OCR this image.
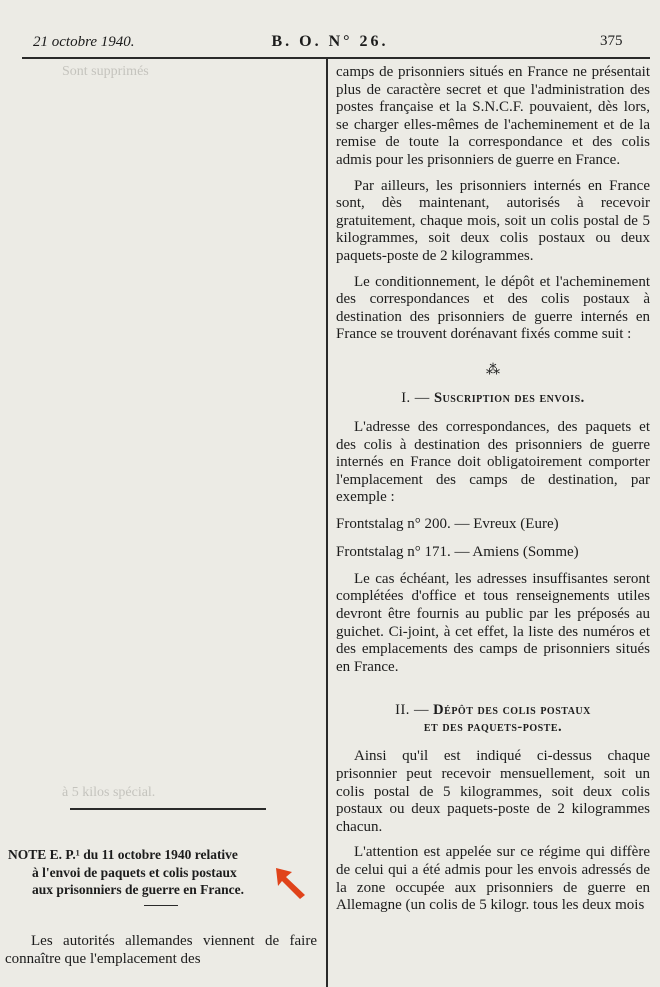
21 octobre 1940.	B. O. N° 26.	375
Sont supprimés
à 5 kilos spécial.
NOTE E. P.¹ du 11 octobre 1940 relative
à l'envoi de paquets et colis postaux
aux prisonniers de guerre en France.
Les autorités allemandes viennent de faire connaître que l'emplacement des

camps de prisonniers situés en France ne présentait plus de caractère secret et que l'administration des postes française et la S.N.C.F. pouvaient, dès lors, se charger elles-mêmes de l'acheminement et de la remise de toute la correspondance et des colis admis pour les prisonniers de guerre en France.

Par ailleurs, les prisonniers internés en France sont, dès maintenant, autorisés à recevoir gratuitement, chaque mois, soit un colis postal de 5 kilogrammes, soit deux colis postaux ou deux paquets-poste de 2 kilogrammes.

Le conditionnement, le dépôt et l'acheminement des correspondances et des colis postaux à destination des prisonniers de guerre internés en France se trouvent dorénavant fixés comme suit :

⁂
I. — Suscription des envois.

L'adresse des correspondances, des paquets et des colis à destination des prisonniers de guerre internés en France doit obligatoirement comporter l'emplacement des camps de destination, par exemple :

Frontstalag n° 200. — Evreux (Eure)
Frontstalag n° 171. — Amiens (Somme)

Le cas échéant, les adresses insuffisantes seront complétées d'office et tous renseignements utiles devront être fournis au public par les préposés au guichet. Ci-joint, à cet effet, la liste des numéros et des emplacements des camps de prisonniers situés en France.

II. — Dépôt des colis postaux
et des paquets-poste.

Ainsi qu'il est indiqué ci-dessus chaque prisonnier peut recevoir mensuellement, soit un colis postal de 5 kilogrammes, soit deux colis postaux ou deux paquets-poste de 2 kilogrammes chacun.

L'attention est appelée sur ce régime qui diffère de celui qui a été admis pour les envois adressés de la zone occupée aux prisonniers de guerre en Allemagne (un colis de 5 kilogr. tous les deux mois
